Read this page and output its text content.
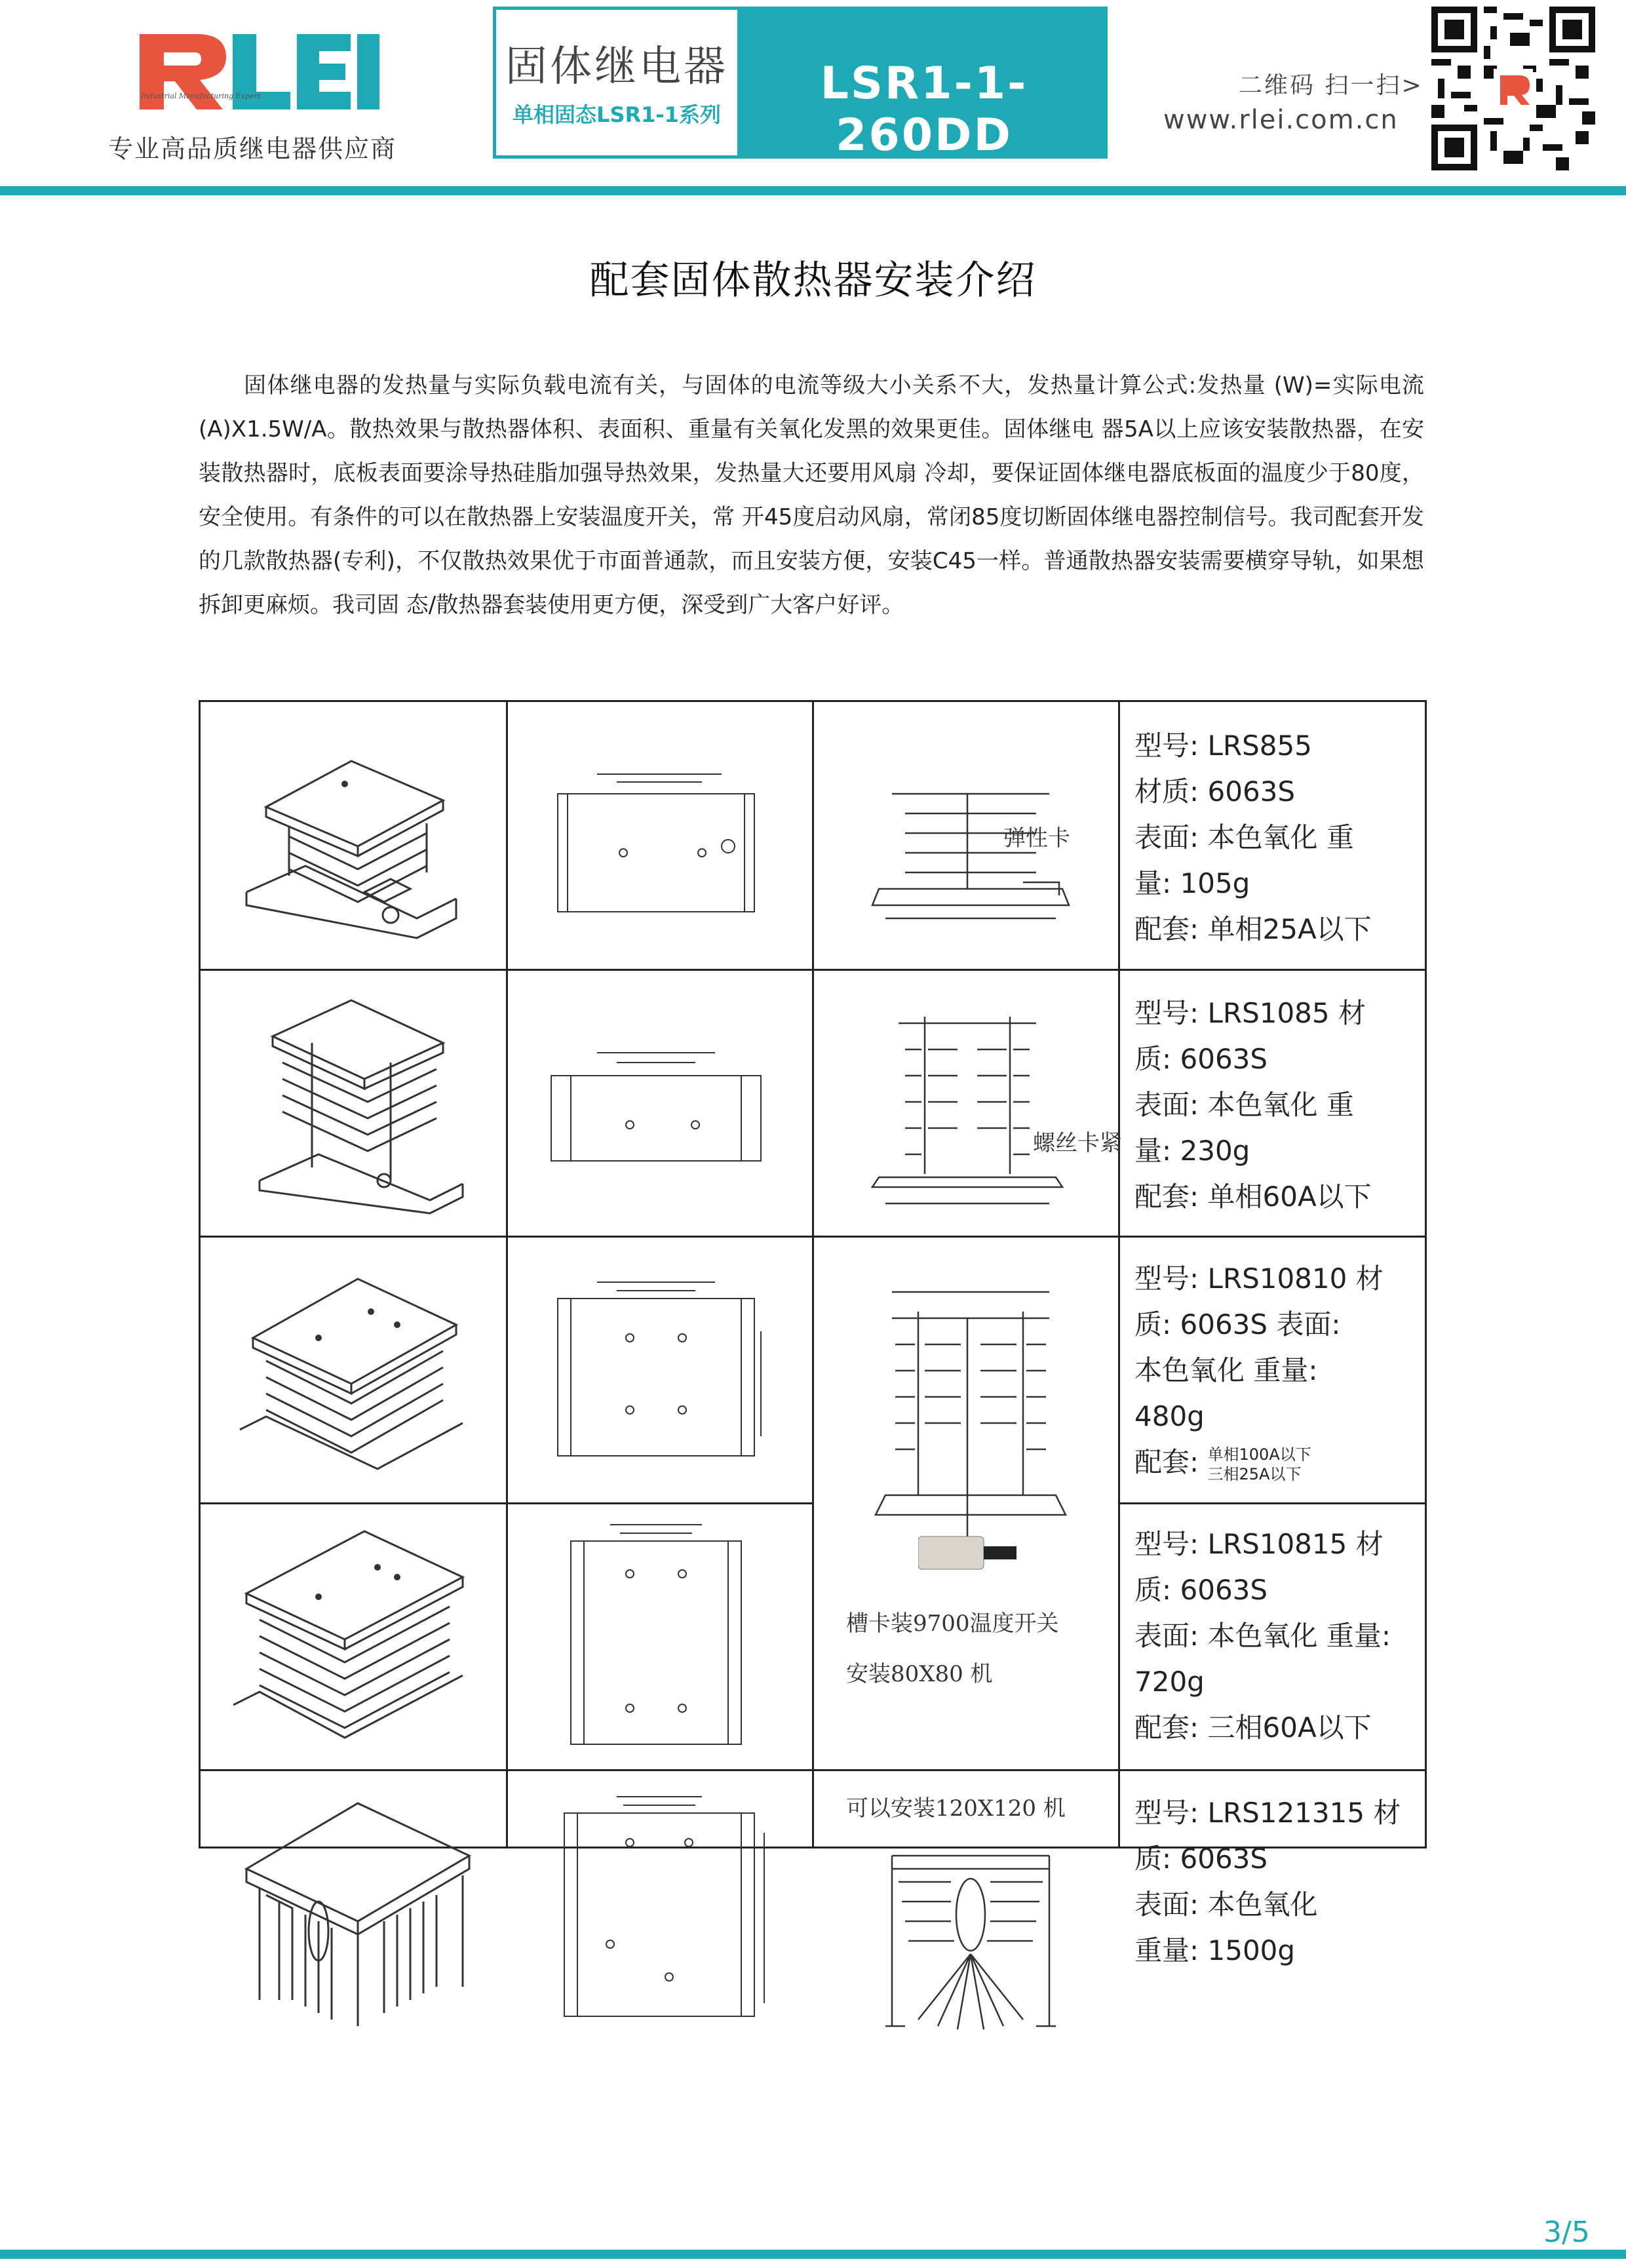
Industrial Manufacturing Expert
专业高品质继电器供应商
固体继电器
单相固态LSR1-1系列
LSR1-1-260DD
二维码 扫一扫>
www.rlei.com.cn
配套固体散热器安装介绍
固体继电器的发热量与实际负载电流有关，与固体的电流等级大小关系不大，发热量计算公式:发热量 (W)=实际电流(A)X1.5W/A。散热效果与散热器体积、表面积、重量有关氧化发黑的效果更佳。固体继电 器5A以上应该安装散热器，在安装散热器时，底板表面要涂导热硅脂加强导热效果，发热量大还要用风扇 冷却，要保证固体继电器底板面的温度少于80度，安全使用。有条件的可以在散热器上安装温度开关，常 开45度启动风扇，常闭85度切断固体继电器控制信号。我司配套开发的几款散热器(专利)，不仅散热效果优于市面普通款，而且安装方便，安装C45一样。普通散热器安装需要横穿导轨，如果想拆卸更麻烦。我司固 态/散热器套装使用更方便，深受到广大客户好评。
弹性卡
型号: LRS855
材质: 6063S
表面: 本色氧化 重
量: 105g
配套: 单相25A以下
螺丝卡紧
型号: LRS1085 材
质: 6063S
表面: 本色氧化 重
量: 230g
配套: 单相60A以下
型号: LRS10810 材
质: 6063S 表面:
本色氧化 重量:
480g
配套: 单相100A以下
三相25A以下
槽卡装9700温度开关
安装80X80 机
型号: LRS10815 材
质: 6063S
表面: 本色氧化 重量:
720g
配套: 三相60A以下
可以安装120X120 机	型号: LRS121315 材
质: 6063S
表面: 本色氧化
重量: 1500g
3/5
